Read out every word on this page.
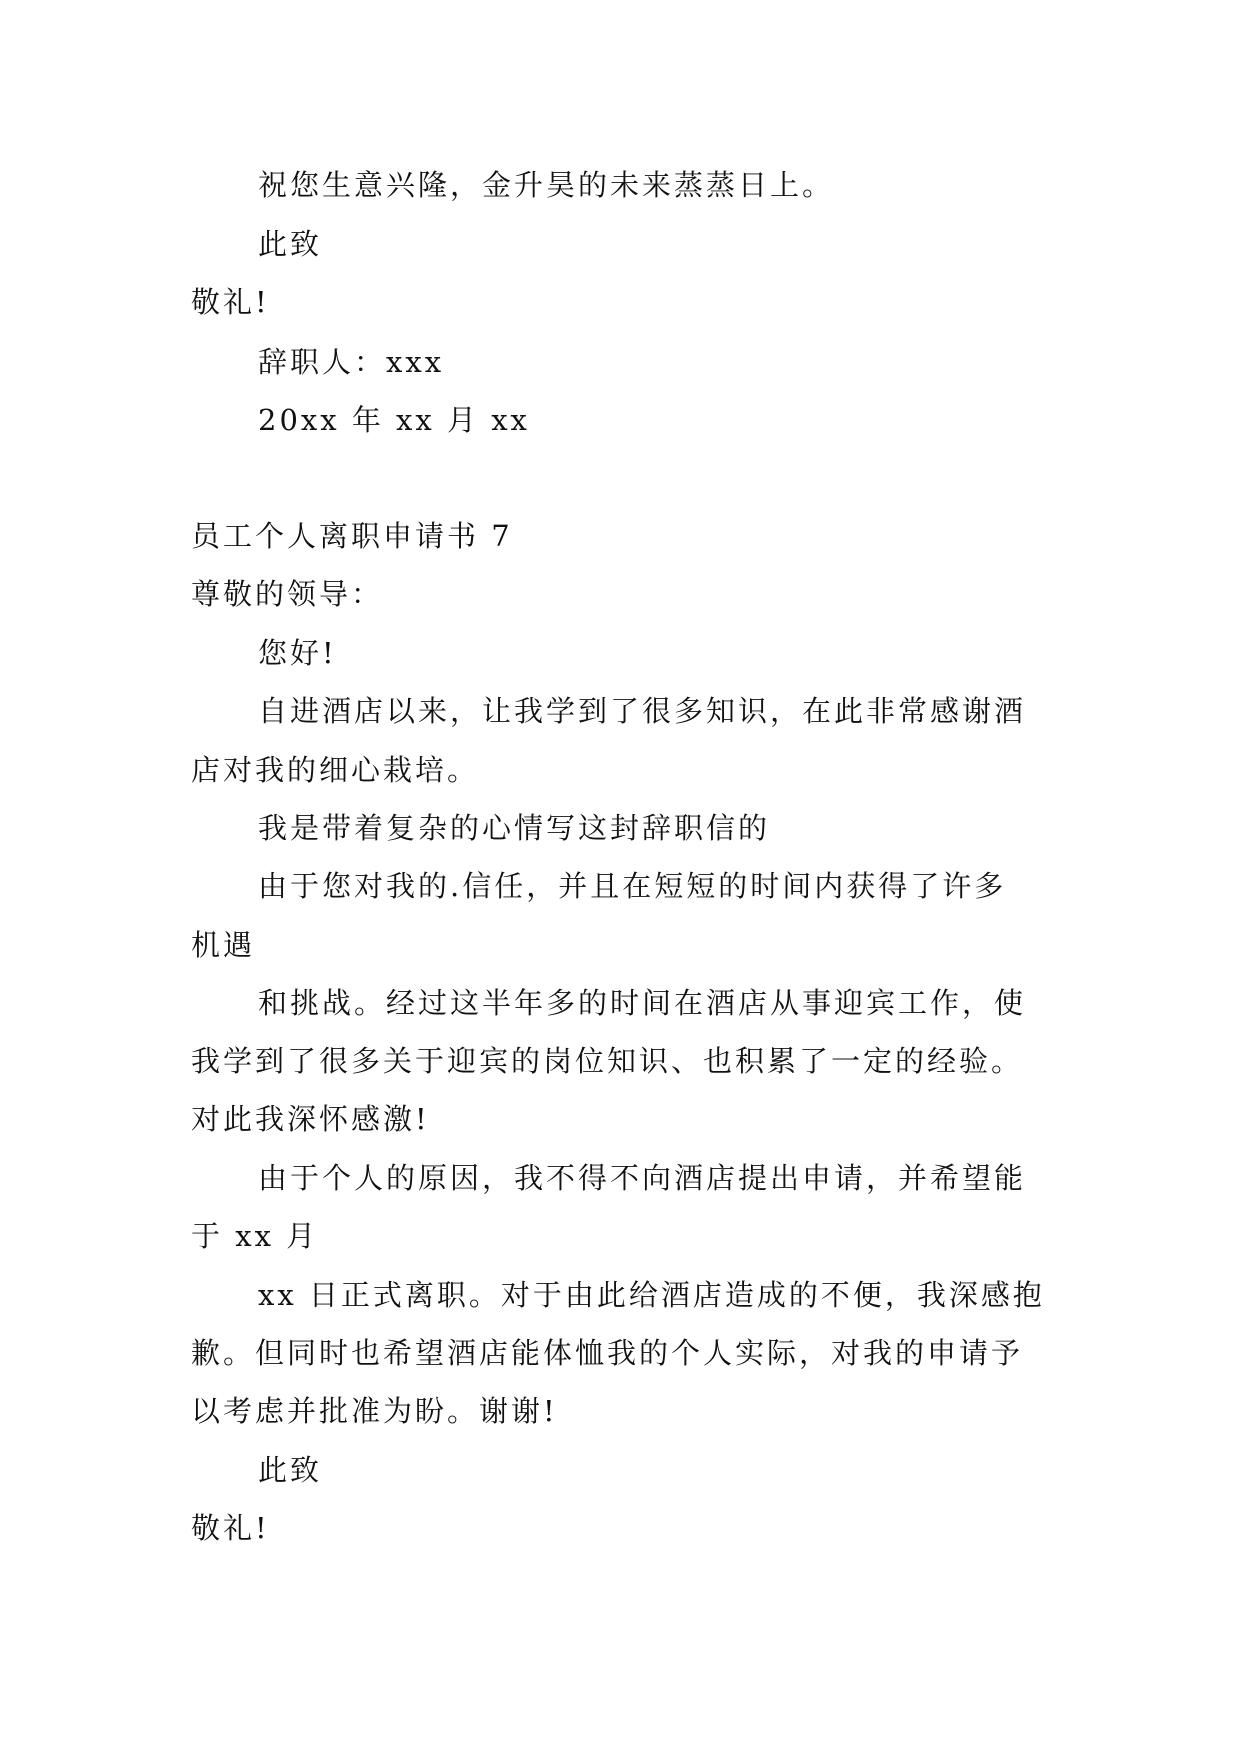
祝您生意兴隆，金升昊的未来蒸蒸日上。
此致
敬礼!
辞职人：xxx
20xx 年 xx 月 xx
员工个人离职申请书 7
尊敬的领导：
您好!
自进酒店以来，让我学到了很多知识，在此非常感谢酒
店对我的细心栽培。
我是带着复杂的心情写这封辞职信的
由于您对我的.信任，并且在短短的时间内获得了许多
机遇
和挑战。经过这半年多的时间在酒店从事迎宾工作，使
我学到了很多关于迎宾的岗位知识、也积累了一定的经验。
对此我深怀感激!
由于个人的原因，我不得不向酒店提出申请，并希望能
于 xx 月
xx 日正式离职。对于由此给酒店造成的不便，我深感抱
歉。但同时也希望酒店能体恤我的个人实际，对我的申请予
以考虑并批准为盼。谢谢!
此致
敬礼!
